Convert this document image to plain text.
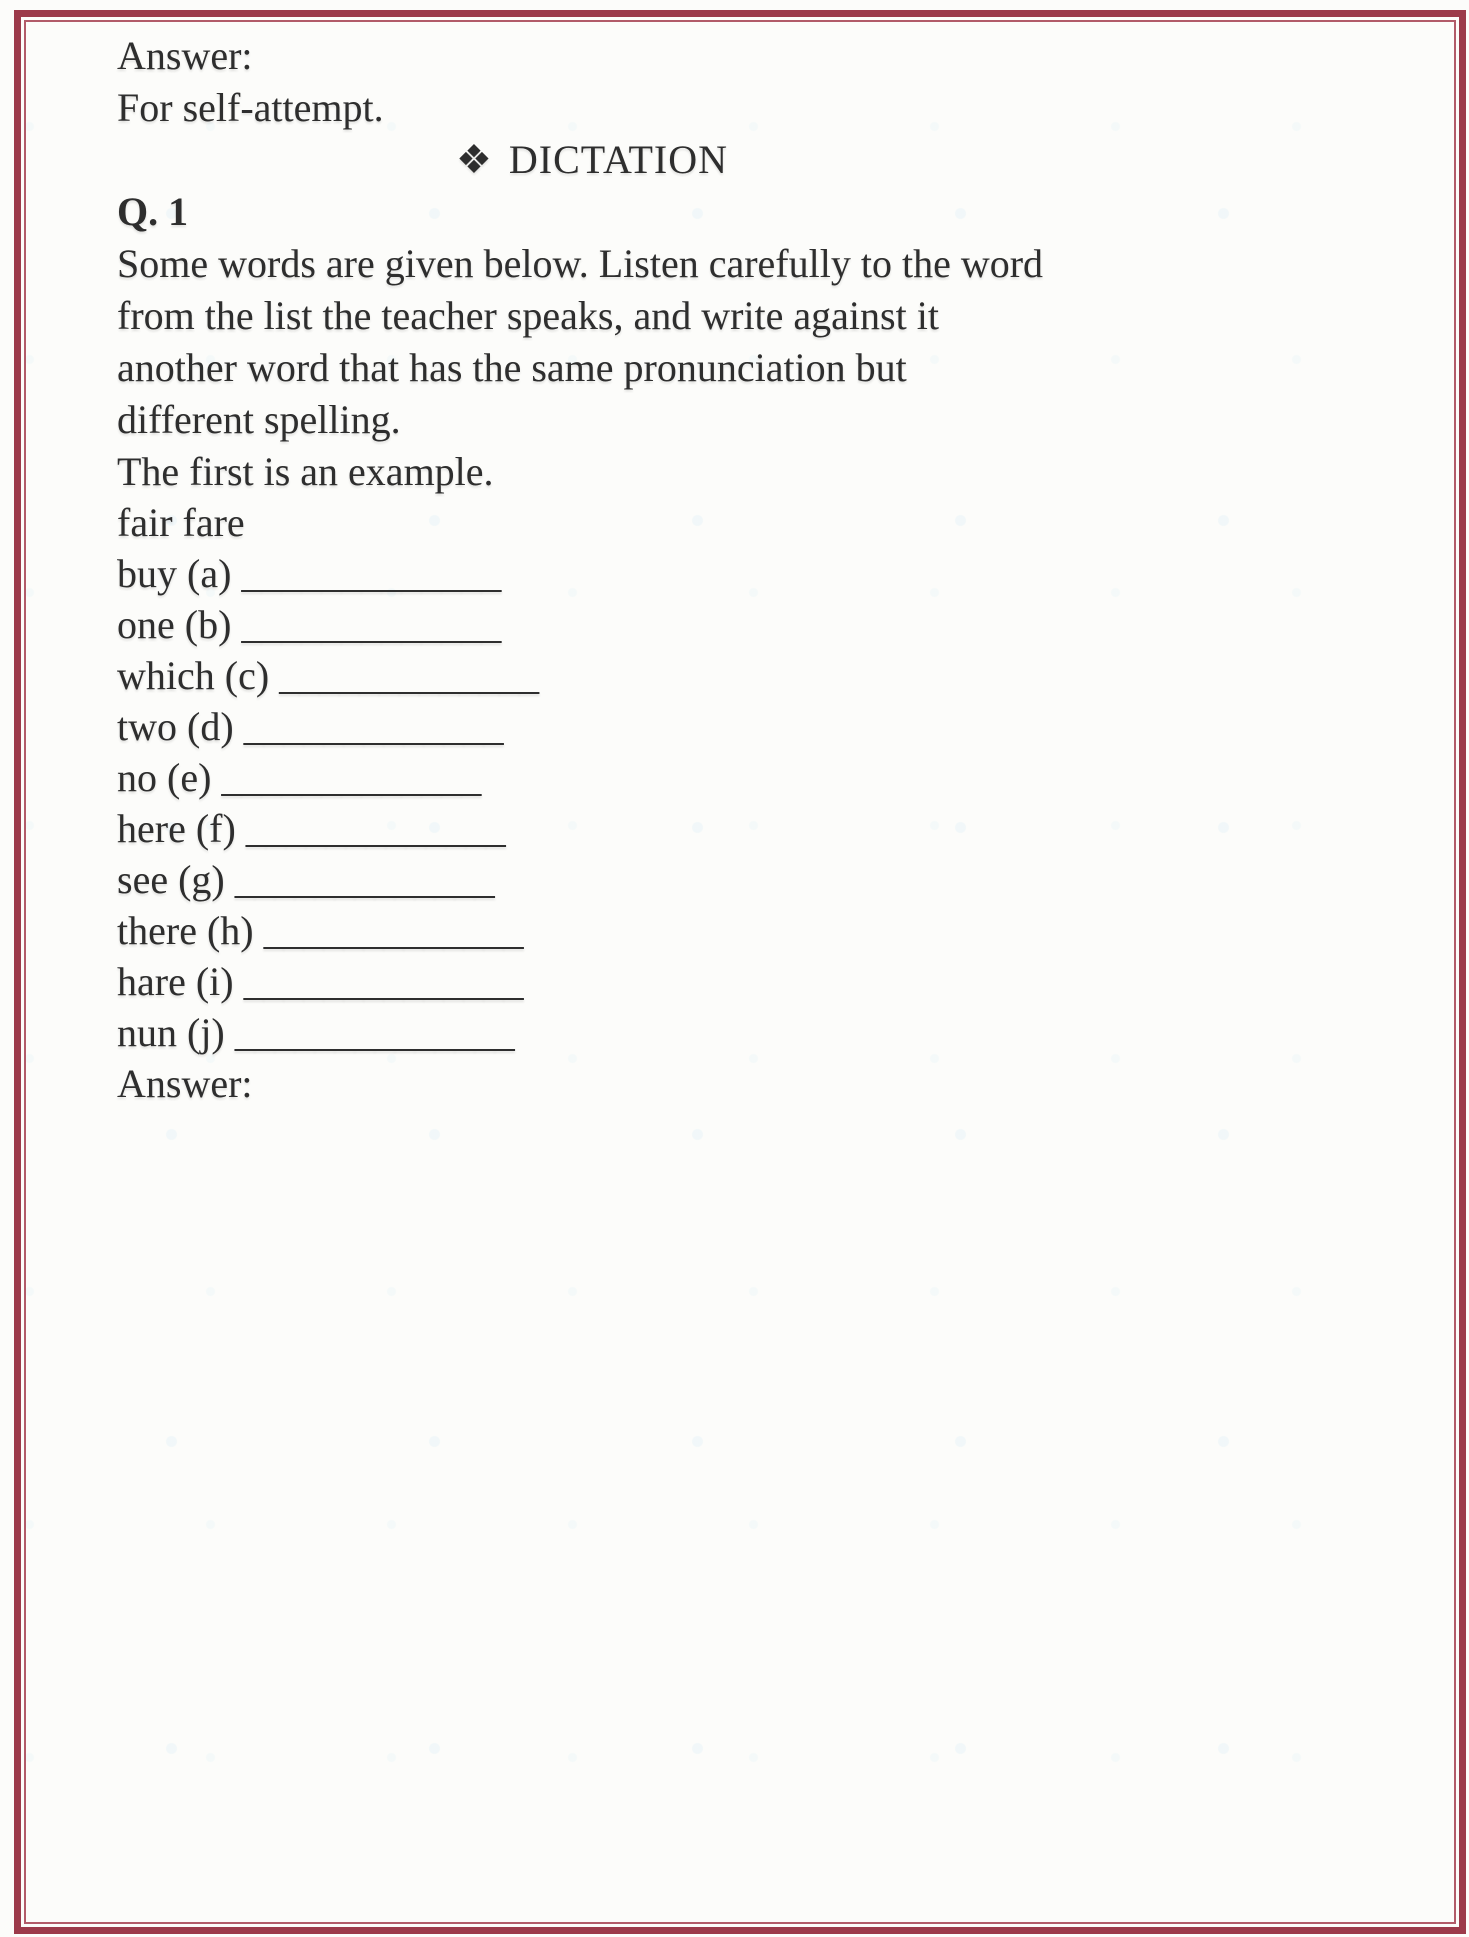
Answer:

For self-attempt.

❖ DICTATION

Q. 1

Some words are given below. Listen carefully to the word
from the list the teacher speaks, and write against it
another word that has the same pronunciation but
different spelling.
The first is an example.
fair fare
buy (a) _____________
one (b) _____________
which (c) _____________
two (d) _____________
no (e) _____________
here (f) _____________
see (g) _____________
there (h) _____________
hare (i) ______________
nun (j) ______________

Answer:
